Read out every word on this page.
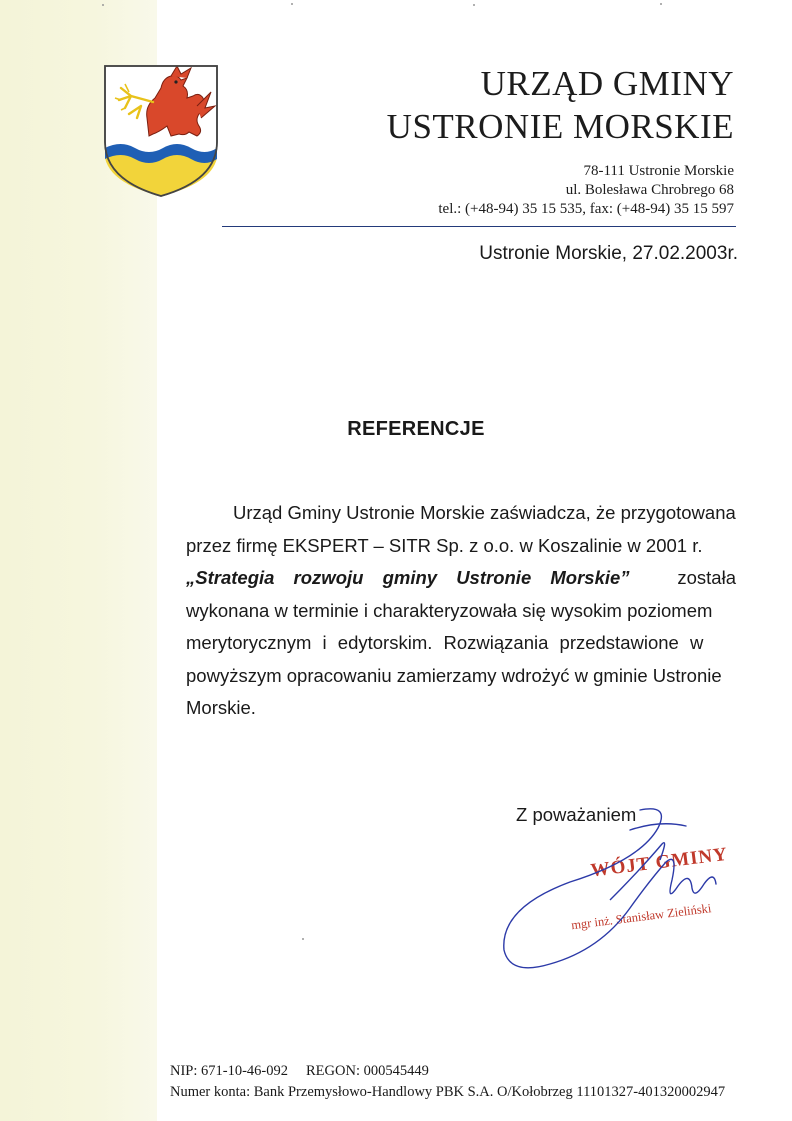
URZĄD GMINY
USTRONIE MORSKIE
78-111 Ustronie Morskie
ul. Bolesława Chrobrego 68
tel.: (+48-94) 35 15 535, fax: (+48-94) 35 15 597
Ustronie Morskie, 27.02.2003r.
REFERENCJE
Urząd Gminy Ustronie Morskie zaświadcza, że przygotowana
przez firmę EKSPERT – SITR Sp. z o.o. w Koszalinie w 2001 r.
„Strategia rozwoju gminy Ustronie Morskie”	została
wykonana w terminie i charakteryzowała się wysokim poziomem
merytorycznym i edytorskim. Rozwiązania przedstawione w
powyższym opracowaniu zamierzamy wdrożyć w gminie Ustronie
Morskie.
Z poważaniem
WÓJT GMINY
mgr inż. Stanisław Zieliński
NIP: 671-10-46-092 REGON: 000545449
Numer konta: Bank Przemysłowo-Handlowy PBK S.A. O/Kołobrzeg 11101327-401320002947
